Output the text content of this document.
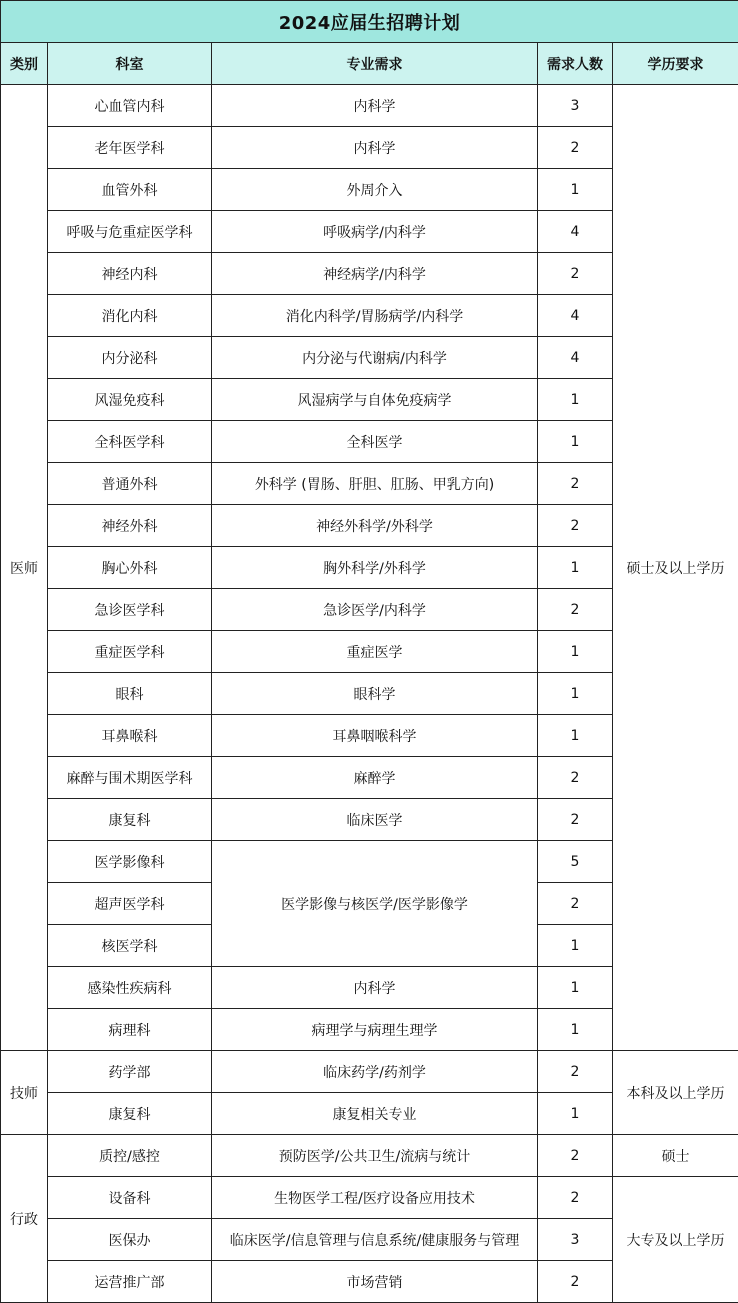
2024应届生招聘计划				
类别	科室	专业需求	需求人数	学历要求
医师	心血管内科	内科学	3	硕士及以上学历
	老年医学科	内科学	2	
	血管外科	外周介入	1	
	呼吸与危重症医学科	呼吸病学/内科学	4	
	神经内科	神经病学/内科学	2	
	消化内科	消化内科学/胃肠病学/内科学	4	
	内分泌科	内分泌与代谢病/内科学	4	
	风湿免疫科	风湿病学与自体免疫病学	1	
	全科医学科	全科医学	1	
	普通外科	外科学 (胃肠、肝胆、肛肠、甲乳方向)	2	
	神经外科	神经外科学/外科学	2	
	胸心外科	胸外科学/外科学	1	
	急诊医学科	急诊医学/内科学	2	
	重症医学科	重症医学	1	
	眼科	眼科学	1	
	耳鼻喉科	耳鼻咽喉科学	1	
	麻醉与围术期医学科	麻醉学	2	
	康复科	临床医学	2	
	医学影像科	医学影像与核医学/医学影像学	5	
	超声医学科		2	
	核医学科		1	
	感染性疾病科	内科学	1	
	病理科	病理学与病理生理学	1	
技师	药学部	临床药学/药剂学	2	本科及以上学历
	康复科	康复相关专业	1	
行政	质控/感控	预防医学/公共卫生/流病与统计	2	硕士
	设备科	生物医学工程/医疗设备应用技术	2	大专及以上学历
	医保办	临床医学/信息管理与信息系统/健康服务与管理	3	
	运营推广部	市场营销	2	
